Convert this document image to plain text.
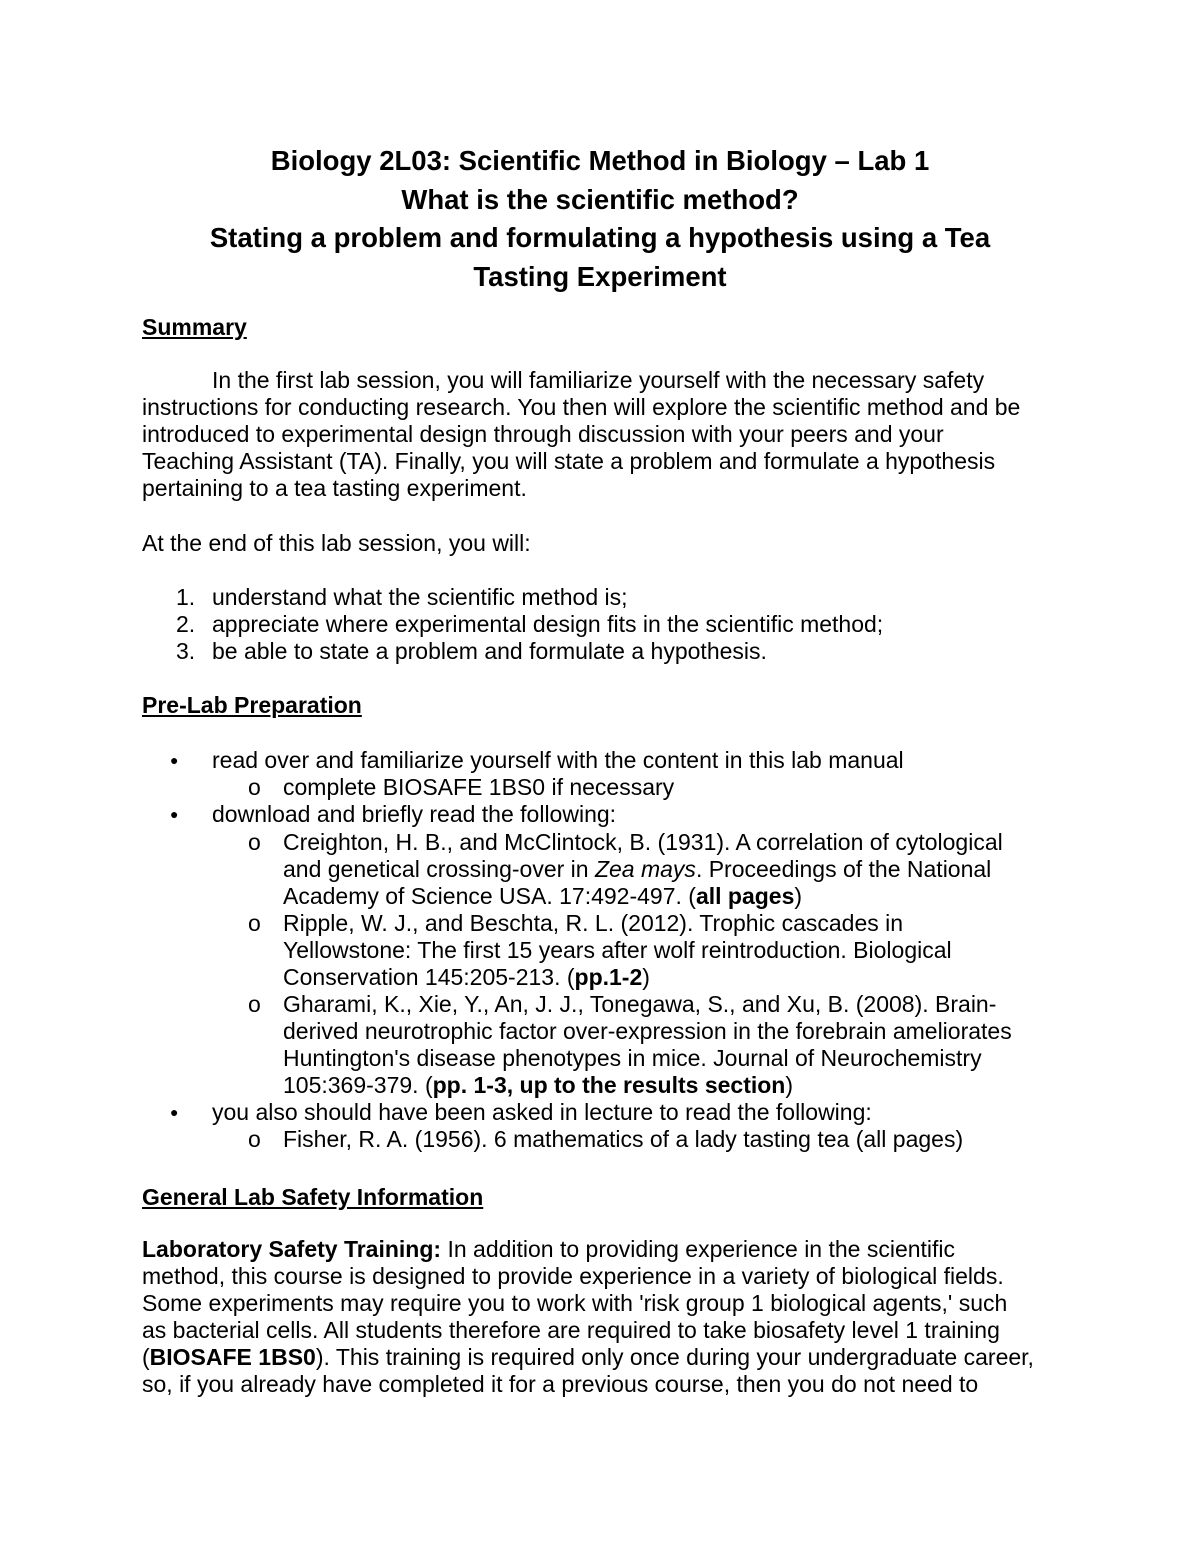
Biology 2L03: Scientific Method in Biology – Lab 1
What is the scientific method?
Stating a problem and formulating a hypothesis using a Tea
Tasting Experiment
Summary
In the first lab session, you will familiarize yourself with the necessary safety
instructions for conducting research. You then will explore the scientific method and be
introduced to experimental design through discussion with your peers and your
Teaching Assistant (TA). Finally, you will state a problem and formulate a hypothesis
pertaining to a tea tasting experiment.
At the end of this lab session, you will:
1. understand what the scientific method is;
2. appreciate where experimental design fits in the scientific method;
3. be able to state a problem and formulate a hypothesis.
Pre-Lab Preparation
● read over and familiarize yourself with the content in this lab manual
o complete BIOSAFE 1BS0 if necessary
● download and briefly read the following:
o Creighton, H. B., and McClintock, B. (1931). A correlation of cytological
and genetical crossing-over in Zea mays. Proceedings of the National
Academy of Science USA. 17:492-497. (all pages)
o Ripple, W. J., and Beschta, R. L. (2012). Trophic cascades in
Yellowstone: The first 15 years after wolf reintroduction. Biological
Conservation 145:205-213. (pp.1-2)
o Gharami, K., Xie, Y., An, J. J., Tonegawa, S., and Xu, B. (2008). Brain-
derived neurotrophic factor over-expression in the forebrain ameliorates
Huntington's disease phenotypes in mice. Journal of Neurochemistry
105:369-379. (pp. 1-3, up to the results section)
● you also should have been asked in lecture to read the following:
o Fisher, R. A. (1956). 6 mathematics of a lady tasting tea (all pages)
General Lab Safety Information
Laboratory Safety Training: In addition to providing experience in the scientific
method, this course is designed to provide experience in a variety of biological fields.
Some experiments may require you to work with 'risk group 1 biological agents,' such
as bacterial cells. All students therefore are required to take biosafety level 1 training
(BIOSAFE 1BS0). This training is required only once during your undergraduate career,
so, if you already have completed it for a previous course, then you do not need to
